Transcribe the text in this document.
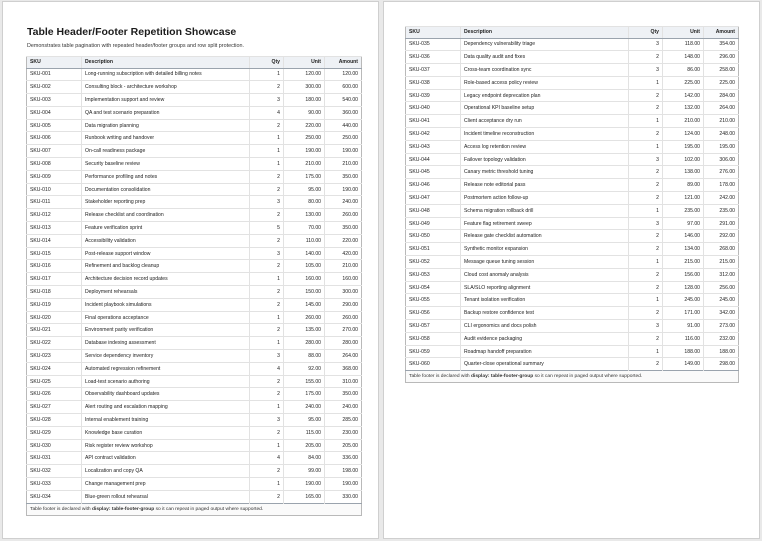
Table Header/Footer Repetition Showcase
Demonstrates table pagination with repeated header/footer groups and row split protection.
SKU	Description	Qty	Unit	Amount
SKU-001	Long-running subscription with detailed billing notes	1	120.00	120.00
SKU-002	Consulting block - architecture workshop	2	300.00	600.00
SKU-003	Implementation support and review	3	180.00	540.00
SKU-004	QA and test scenario preparation	4	90.00	360.00
SKU-005	Data migration planning	2	220.00	440.00
SKU-006	Runbook writing and handover	1	250.00	250.00
SKU-007	On-call readiness package	1	190.00	190.00
SKU-008	Security baseline review	1	210.00	210.00
SKU-009	Performance profiling and notes	2	175.00	350.00
SKU-010	Documentation consolidation	2	95.00	190.00
SKU-011	Stakeholder reporting prep	3	80.00	240.00
SKU-012	Release checklist and coordination	2	130.00	260.00
SKU-013	Feature verification sprint	5	70.00	350.00
SKU-014	Accessibility validation	2	110.00	220.00
SKU-015	Post-release support window	3	140.00	420.00
SKU-016	Refinement and backlog cleanup	2	105.00	210.00
SKU-017	Architecture decision record updates	1	160.00	160.00
SKU-018	Deployment rehearsals	2	150.00	300.00
SKU-019	Incident playbook simulations	2	145.00	290.00
SKU-020	Final operations acceptance	1	260.00	260.00
SKU-021	Environment parity verification	2	135.00	270.00
SKU-022	Database indexing assessment	1	280.00	280.00
SKU-023	Service dependency inventory	3	88.00	264.00
SKU-024	Automated regression refinement	4	92.00	368.00
SKU-025	Load-test scenario authoring	2	155.00	310.00
SKU-026	Observability dashboard updates	2	175.00	350.00
SKU-027	Alert routing and escalation mapping	1	240.00	240.00
SKU-028	Internal enablement training	3	95.00	285.00
SKU-029	Knowledge base curation	2	115.00	230.00
SKU-030	Risk register review workshop	1	205.00	205.00
SKU-031	API contract validation	4	84.00	336.00
SKU-032	Localization and copy QA	2	99.00	198.00
SKU-033	Change management prep	1	190.00	190.00
SKU-034	Blue-green rollout rehearsal	2	165.00	330.00
Table footer is declared with display: table-footer-group so it can repeat in paged output where supported.				
SKU	Description	Qty	Unit	Amount
SKU-035	Dependency vulnerability triage	3	118.00	354.00
SKU-036	Data quality audit and fixes	2	148.00	296.00
SKU-037	Cross-team coordination sync	3	86.00	258.00
SKU-038	Role-based access policy review	1	225.00	225.00
SKU-039	Legacy endpoint deprecation plan	2	142.00	284.00
SKU-040	Operational KPI baseline setup	2	132.00	264.00
SKU-041	Client acceptance dry run	1	210.00	210.00
SKU-042	Incident timeline reconstruction	2	124.00	248.00
SKU-043	Access log retention review	1	195.00	195.00
SKU-044	Failover topology validation	3	102.00	306.00
SKU-045	Canary metric threshold tuning	2	138.00	276.00
SKU-046	Release note editorial pass	2	89.00	178.00
SKU-047	Postmortem action follow-up	2	121.00	242.00
SKU-048	Schema migration rollback drill	1	235.00	235.00
SKU-049	Feature flag retirement sweep	3	97.00	291.00
SKU-050	Release gate checklist automation	2	146.00	292.00
SKU-051	Synthetic monitor expansion	2	134.00	268.00
SKU-052	Message queue tuning session	1	215.00	215.00
SKU-053	Cloud cost anomaly analysis	2	156.00	312.00
SKU-054	SLA/SLO reporting alignment	2	128.00	256.00
SKU-055	Tenant isolation verification	1	245.00	245.00
SKU-056	Backup restore confidence test	2	171.00	342.00
SKU-057	CLI ergonomics and docs polish	3	91.00	273.00
SKU-058	Audit evidence packaging	2	116.00	232.00
SKU-059	Roadmap handoff preparation	1	188.00	188.00
SKU-060	Quarter-close operational summary	2	149.00	298.00
Table footer is declared with display: table-footer-group so it can repeat in paged output where supported.				
